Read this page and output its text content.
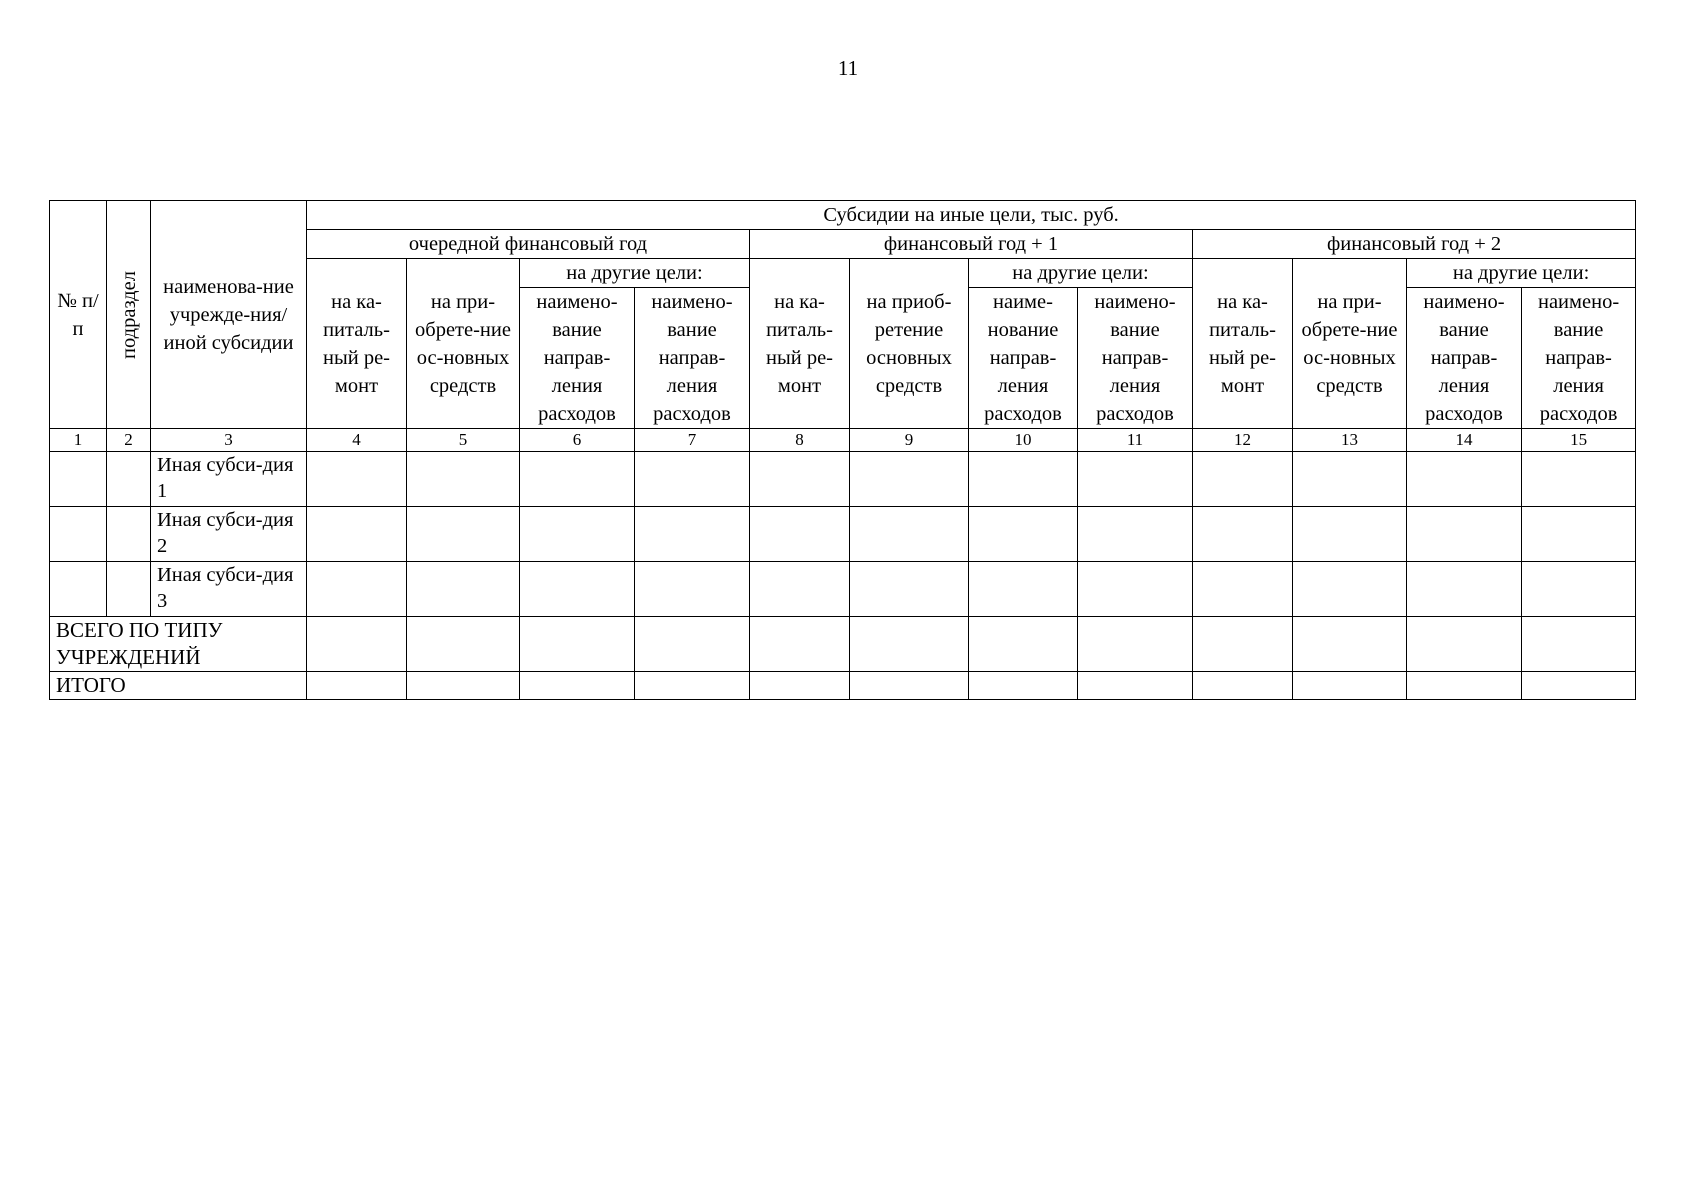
11
№ п/п	подраздел	наименова-ние учрежде-ния/иной субсидии	Субсидии на иные цели, тыс. руб.											
			очередной финансовый год				финансовый год + 1				финансовый год + 2			

			на ка-питаль-ный ре-монт	на при-обрете-ние ос-новных средств	на другие цели:		на ка-питаль-ный ре-монт	на приоб-ретение основных средств	на другие цели:		на ка-питаль-ный ре-монт	на при-обрете-ние ос-новных средств	на другие цели:	

					наимено-вание направ-ления расходов	наимено-вание направ-ления расходов			наиме-нование направ-ления расходов	наимено-вание направ-ления расходов			наимено-вание направ-ления расходов	наимено-вание направ-ления расходов

1	2	3	4	5	6	7	8	9	10	11	12	13	14	15
		Иная субси-дия 1												
		Иная субси-дия 2												
		Иная субси-дия 3												
ВСЕГО ПО ТИПУ УЧРЕЖДЕНИЙ														
ИТОГО														
